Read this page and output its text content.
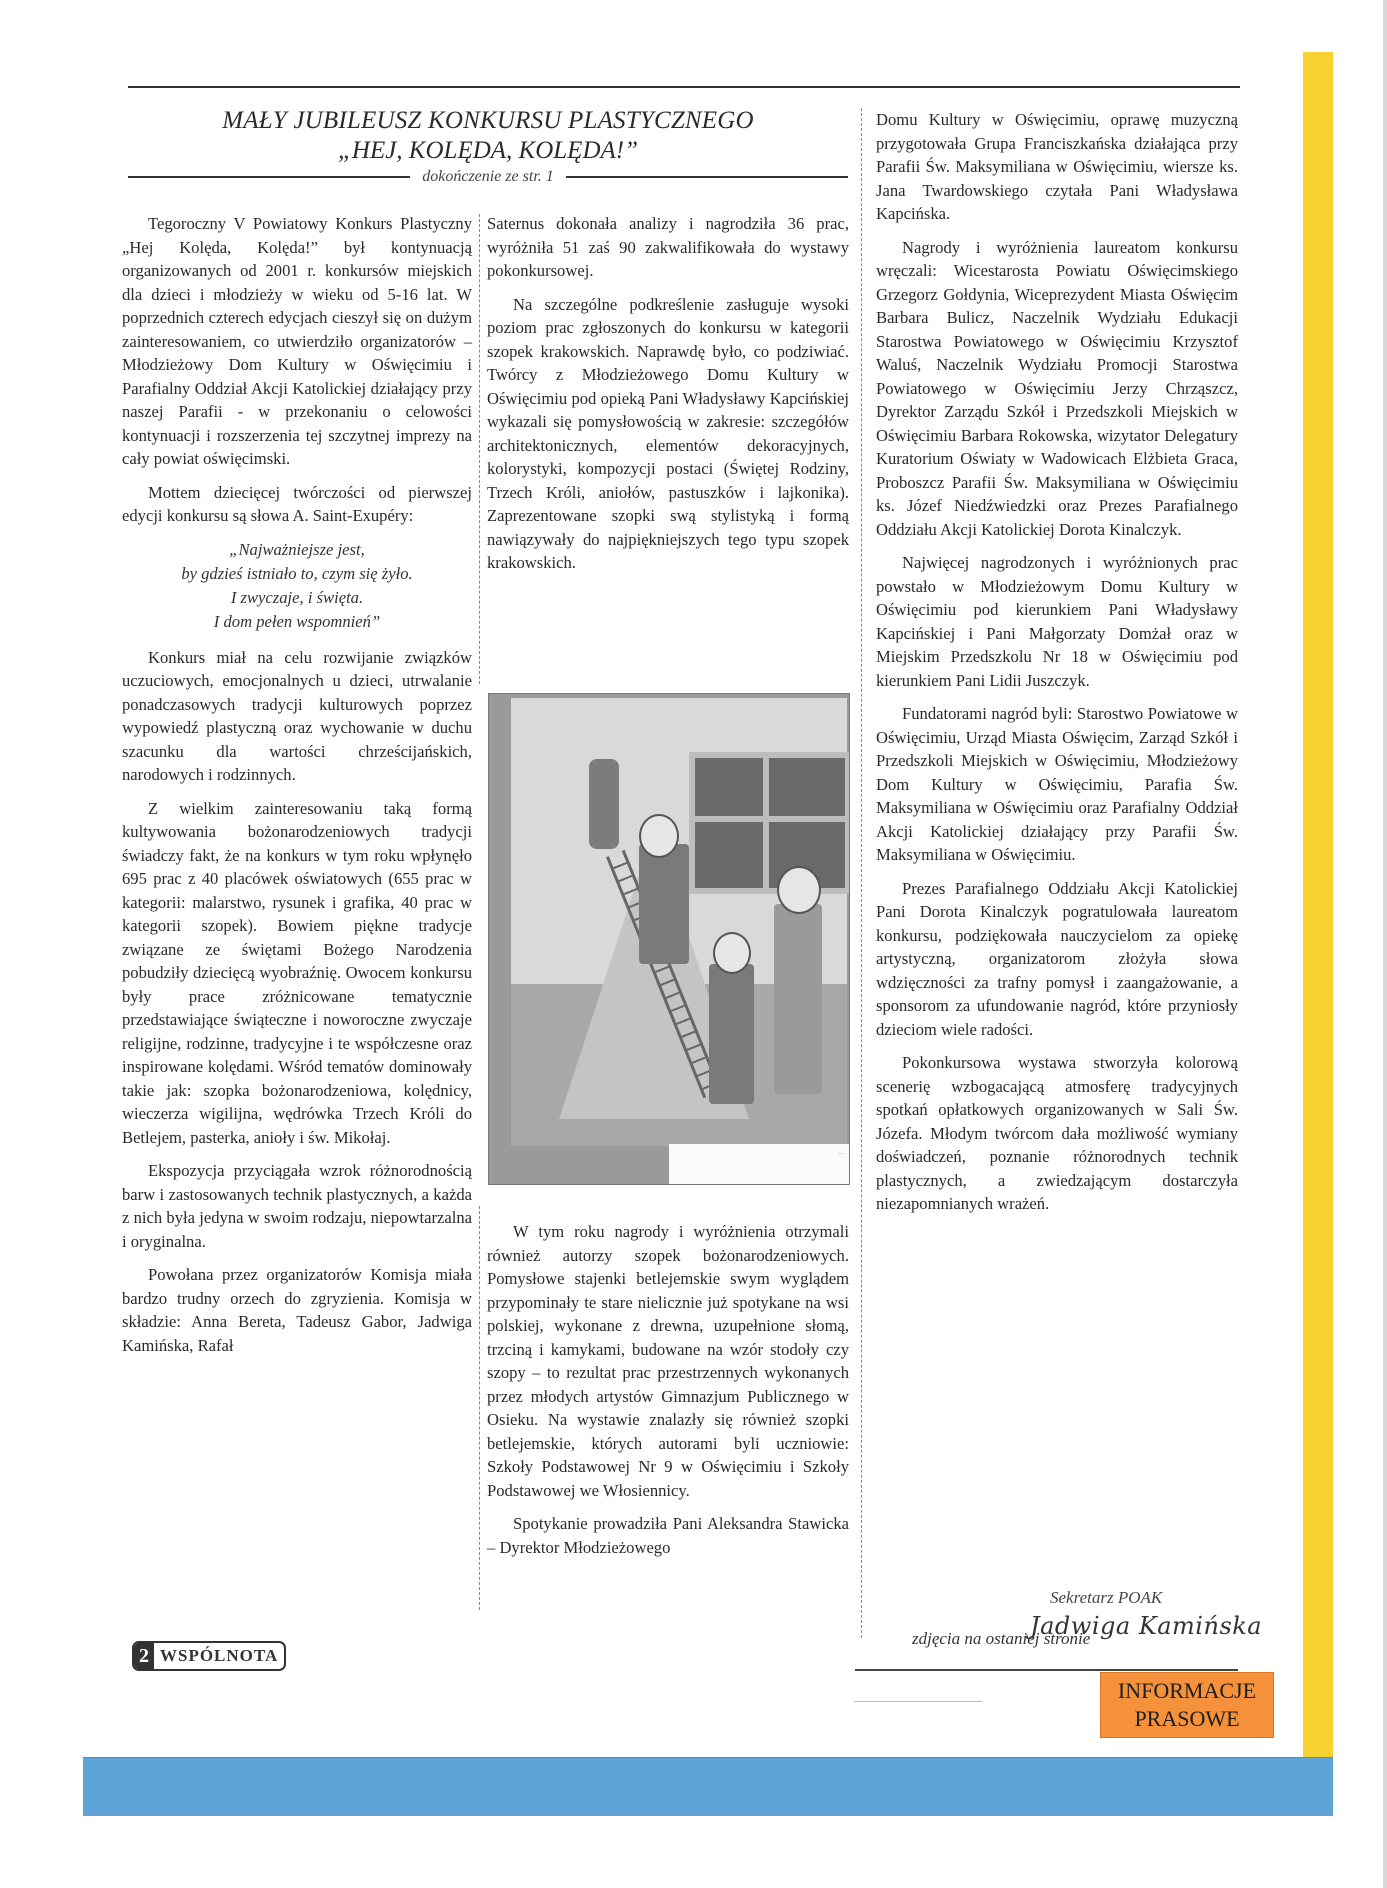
MAŁY JUBILEUSZ KONKURSU PLASTYCZNEGO
„HEJ, KOLĘDA, KOLĘDA!”
dokończenie ze str. 1

Tegoroczny V Powiatowy Konkurs Plastyczny „Hej Kolęda, Kolęda!” był kontynuacją organizowanych od 2001 r. konkursów miejskich dla dzieci i młodzieży w wieku od 5-16 lat. W poprzednich czterech edycjach cieszył się on dużym zainteresowaniem, co utwierdziło organizatorów – Młodzieżowy Dom Kultury w Oświęcimiu i Parafialny Oddział Akcji Katolickiej działający przy naszej Parafii - w przekonaniu o celowości kontynuacji i rozszerzenia tej szczytnej imprezy na cały powiat oświęcimski.

Mottem dziecięcej twórczości od pierwszej edycji konkursu są słowa A. Saint-Exupéry:

„Najważniejsze jest,
by gdzieś istniało to, czym się żyło.
I zwyczaje, i święta.
I dom pełen wspomnień”

Konkurs miał na celu rozwijanie związków uczuciowych, emocjonalnych u dzieci, utrwalanie ponadczasowych tradycji kulturowych poprzez wypowiedź plastyczną oraz wychowanie w duchu szacunku dla wartości chrześcijańskich, narodowych i rodzinnych.

Z wielkim zainteresowaniu taką formą kultywowania bożonarodzeniowych tradycji świadczy fakt, że na konkurs w tym roku wpłynęło 695 prac z 40 placówek oświatowych (655 prac w kategorii: malarstwo, rysunek i grafika, 40 prac w kategorii szopek). Bowiem piękne tradycje związane ze świętami Bożego Narodzenia pobudziły dziecięcą wyobraźnię. Owocem konkursu były prace zróżnicowane tematycznie przedstawiające świąteczne i noworoczne zwyczaje religijne, rodzinne, tradycyjne i te współczesne oraz inspirowane kolędami. Wśród tematów dominowały takie jak: szopka bożonarodzeniowa, kolędnicy, wieczerza wigilijna, wędrówka Trzech Króli do Betlejem, pasterka, anioły i św. Mikołaj.

Ekspozycja przyciągała wzrok różnorodnością barw i zastosowanych technik plastycznych, a każda z nich była jedyna w swoim rodzaju, niepowtarzalna i oryginalna.

Powołana przez organizatorów Komisja miała bardzo trudny orzech do zgryzienia. Komisja w składzie: Anna Bereta, Tadeusz Gabor, Jadwiga Kamińska, Rafał

Saternus dokonała analizy i nagrodziła 36 prac, wyróżniła 51 zaś 90 zakwalifikowała do wystawy pokonkursowej.

Na szczególne podkreślenie zasługuje wysoki poziom prac zgłoszonych do konkursu w kategorii szopek krakowskich. Naprawdę było, co podziwiać. Twórcy z Młodzieżowego Domu Kultury w Oświęcimiu pod opieką Pani Władysławy Kapcińskiej wykazali się pomysłowością w zakresie: szczegółów architektonicznych, elementów dekoracyjnych, kolorystyki, kompozycji postaci (Świętej Rodziny, Trzech Króli, aniołów, pastuszków i lajkonika). Zaprezentowane szopki swą stylistyką i formą nawiązywały do najpiękniejszych tego typu szopek krakowskich.

...

W tym roku nagrody i wyróżnienia otrzymali również autorzy szopek bożonarodzeniowych. Pomysłowe stajenki betlejemskie swym wyglądem przypominały te stare nielicznie już spotykane na wsi polskiej, wykonane z drewna, uzupełnione słomą, trzciną i kamykami, budowane na wzór stodoły czy szopy – to rezultat prac przestrzennych wykonanych przez młodych artystów Gimnazjum Publicznego w Osieku. Na wystawie znalazły się również szopki betlejemskie, których autorami byli uczniowie: Szkoły Podstawowej Nr 9 w Oświęcimiu i Szkoły Podstawowej we Włosiennicy.

Spotykanie prowadziła Pani Aleksandra Stawicka – Dyrektor Młodzieżowego

Domu Kultury w Oświęcimiu, oprawę muzyczną przygotowała Grupa Franciszkańska działająca przy Parafii Św. Maksymiliana w Oświęcimiu, wiersze ks. Jana Twardowskiego czytała Pani Władysława Kapcińska.

Nagrody i wyróżnienia laureatom konkursu wręczali: Wicestarosta Powiatu Oświęcimskiego Grzegorz Gołdynia, Wiceprezydent Miasta Oświęcim Barbara Bulicz, Naczelnik Wydziału Edukacji Starostwa Powiatowego w Oświęcimiu Krzysztof Waluś, Naczelnik Wydziału Promocji Starostwa Powiatowego w Oświęcimiu Jerzy Chrząszcz, Dyrektor Zarządu Szkół i Przedszkoli Miejskich w Oświęcimiu Barbara Rokowska, wizytator Delegatury Kuratorium Oświaty w Wadowicach Elżbieta Graca, Proboszcz Parafii Św. Maksymiliana w Oświęcimiu ks. Józef Niedźwiedzki oraz Prezes Parafialnego Oddziału Akcji Katolickiej Dorota Kinalczyk.

Najwięcej nagrodzonych i wyróżnionych prac powstało w Młodzieżowym Domu Kultury w Oświęcimiu pod kierunkiem Pani Władysławy Kapcińskiej i Pani Małgorzaty Domżał oraz w Miejskim Przedszkolu Nr 18 w Oświęcimiu pod kierunkiem Pani Lidii Juszczyk.

Fundatorami nagród byli: Starostwo Powiatowe w Oświęcimiu, Urząd Miasta Oświęcim, Zarząd Szkół i Przedszkoli Miejskich w Oświęcimiu, Młodzieżowy Dom Kultury w Oświęcimiu, Parafia Św. Maksymiliana w Oświęcimiu oraz Parafialny Oddział Akcji Katolickiej działający przy Parafii Św. Maksymiliana w Oświęcimiu.

Prezes Parafialnego Oddziału Akcji Katolickiej Pani Dorota Kinalczyk pogratulowała laureatom konkursu, podziękowała nauczycielom za opiekę artystyczną, organizatorom złożyła słowa wdzięczności za trafny pomysł i zaangażowanie, a sponsorom za ufundowanie nagród, które przyniosły dzieciom wiele radości.

Pokonkursowa wystawa stworzyła kolorową scenerię wzbogacającą atmosferę tradycyjnych spotkań opłatkowych organizowanych w Sali Św. Józefa. Młodym twórcom dała możliwość wymiany doświadczeń, poznanie różnorodnych technik plastycznych, a zwiedzającym dostarczyła niezapomnianych wrażeń.

Sekretarz POAK
Jadwiga Kamińska
zdjęcia na ostaniej stronie
2 WSPÓLNOTA
INFORMACJE
PRASOWE
